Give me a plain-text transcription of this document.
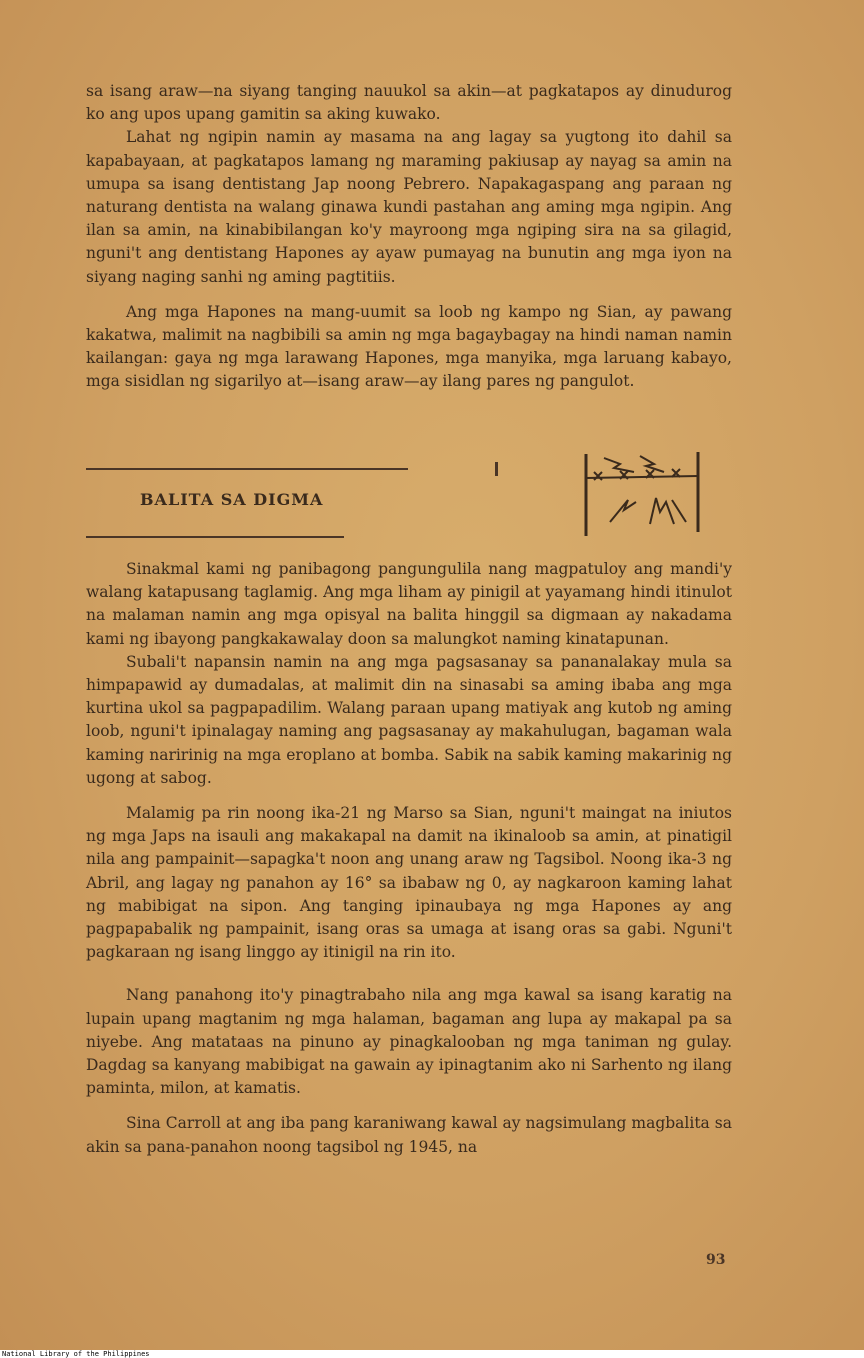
sa isang araw—na siyang tanging nauukol sa akin—at pagkatapos ay dinudurog ko ang upos upang gamitin sa aking kuwako.

Lahat ng ngipin namin ay masama na ang lagay sa yugtong ito dahil sa kapabayaan, at pagkatapos lamang ng maraming pakiusap ay nayag sa amin na umupa sa isang dentistang Jap noong Pebrero. Napakagaspang ang paraan ng naturang dentista na walang ginawa kundi pastahan ang aming mga ngipin. Ang ilan sa amin, na kinabibilangan ko'y mayroong mga ngiping sira na sa gilagid, nguni't ang dentistang Hapones ay ayaw pumayag na bunutin ang mga iyon na siyang naging sanhi ng aming pagtitiis.

Ang mga Hapones na mang-uumit sa loob ng kampo ng Sian, ay pawang kakatwa, malimit na nagbibili sa amin ng mga bagaybagay na hindi naman namin kailangan: gaya ng mga larawang Hapones, mga manyika, mga laruang kabayo, mga sisidlan ng sigarilyo at—isang araw—ay ilang pares ng pangulot.

BALITA SA DIGMA

Sinakmal kami ng panibagong pangungulila nang magpatuloy ang mandi'y walang katapusang taglamig. Ang mga liham ay pinigil at yayamang hindi itinulot na malaman namin ang mga opisyal na balita hinggil sa digmaan ay nakadama kami ng ibayong pangkakawalay doon sa malungkot naming kinatapunan.

Subali't napansin namin na ang mga pagsasanay sa pananalakay mula sa himpapawid ay dumadalas, at malimit din na sinasabi sa aming ibaba ang mga kurtina ukol sa pagpapadilim. Walang paraan upang matiyak ang kutob ng aming loob, nguni't ipinalagay naming ang pagsasanay ay makahulugan, bagaman wala kaming naririnig na mga eroplano at bomba. Sabik na sabik kaming makarinig ng ugong at sabog.

Malamig pa rin noong ika-21 ng Marso sa Sian, nguni't maingat na iniutos ng mga Japs na isauli ang makakapal na damit na ikinaloob sa amin, at pinatigil nila ang pampainit—sapagka't noon ang unang araw ng Tagsibol. Noong ika-3 ng Abril, ang lagay ng panahon ay 16° sa ibabaw ng 0, ay nagkaroon kaming lahat ng mabibigat na sipon. Ang tanging ipinaubaya ng mga Hapones ay ang pagpapabalik ng pampainit, isang oras sa umaga at isang oras sa gabi. Nguni't pagkaraan ng isang linggo ay itinigil na rin ito.

Nang panahong ito'y pinagtrabaho nila ang mga kawal sa isang karatig na lupain upang magtanim ng mga halaman, bagaman ang lupa ay makapal pa sa niyebe. Ang matataas na pinuno ay pinagkalooban ng mga taniman ng gulay. Dagdag sa kanyang mabibigat na gawain ay ipinagtanim ako ni Sarhento ng ilang paminta, milon, at kamatis.

Sina Carroll at ang iba pang karaniwang kawal ay nagsimulang magbalita sa akin sa pana-panahon noong tagsibol ng 1945, na

93
National Library of the Philippines
